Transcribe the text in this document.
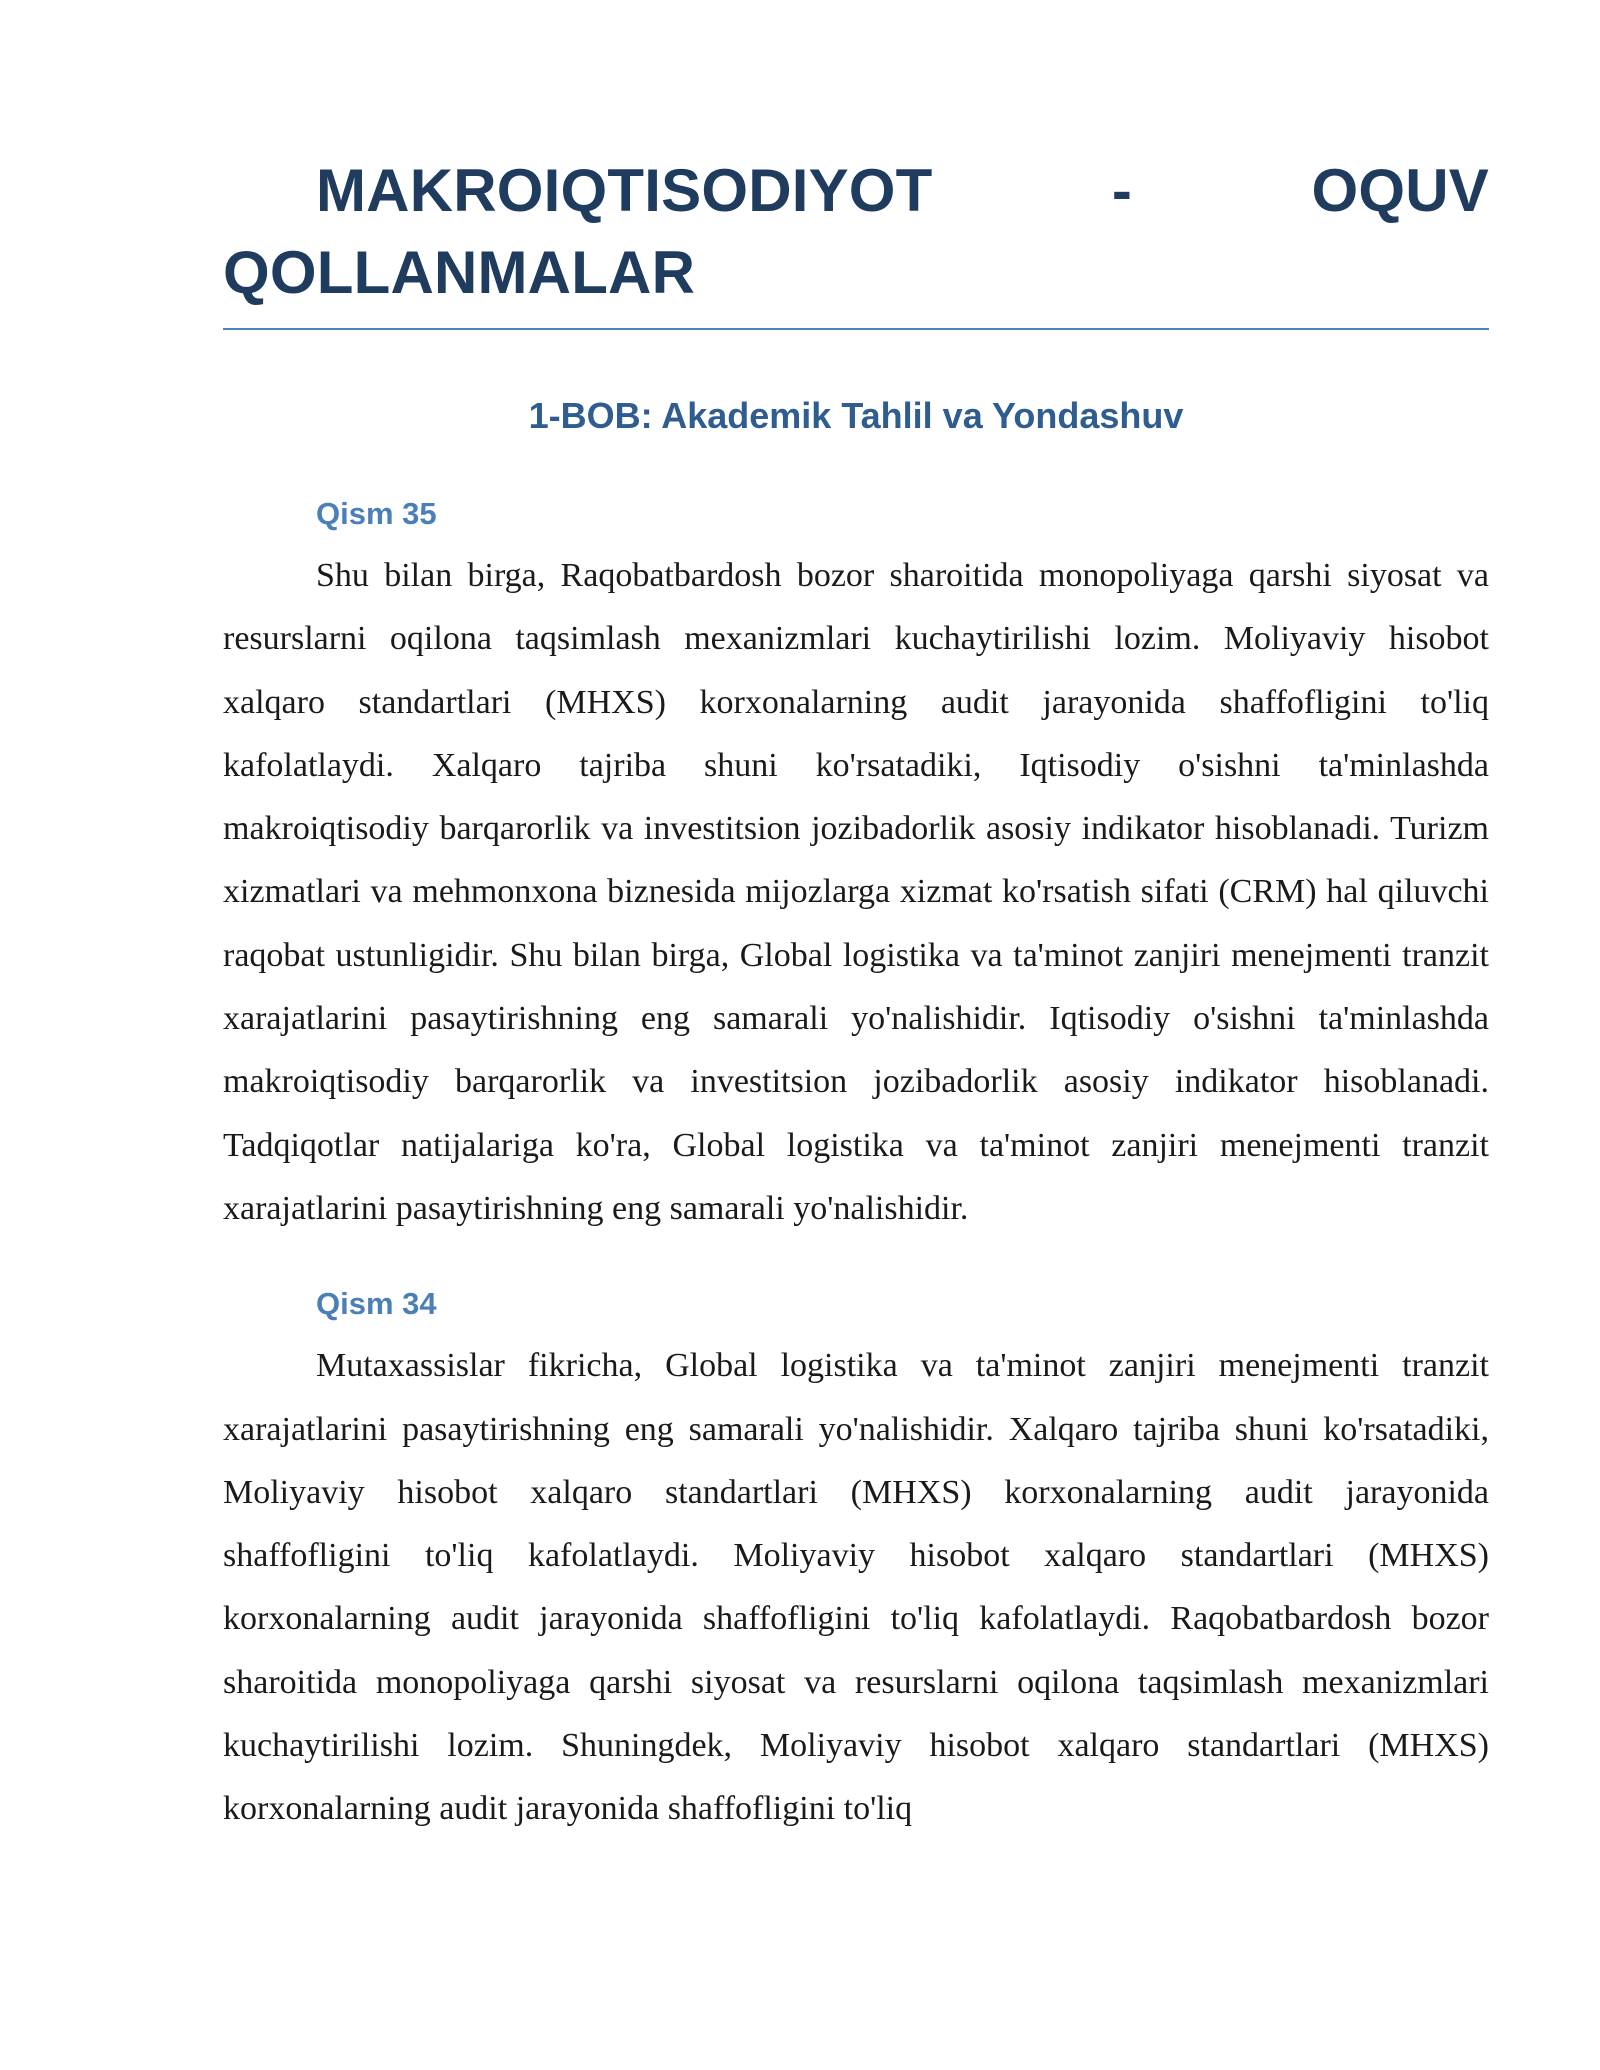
MAKROIQTISODIYOT - OQUV QOLLANMALAR
1-BOB: Akademik Tahlil va Yondashuv
Qism 35

Shu bilan birga, Raqobatbardosh bozor sharoitida monopoliyaga qarshi siyosat va resurslarni oqilona taqsimlash mexanizmlari kuchaytirilishi lozim. Moliyaviy hisobot xalqaro standartlari (MHXS) korxonalarning audit jarayonida shaffofligini to'liq kafolatlaydi. Xalqaro tajriba shuni ko'rsatadiki, Iqtisodiy o'sishni ta'minlashda makroiqtisodiy barqarorlik va investitsion jozibadorlik asosiy indikator hisoblanadi. Turizm xizmatlari va mehmonxona biznesida mijozlarga xizmat ko'rsatish sifati (CRM) hal qiluvchi raqobat ustunligidir. Shu bilan birga, Global logistika va ta'minot zanjiri menejmenti tranzit xarajatlarini pasaytirishning eng samarali yo'nalishidir. Iqtisodiy o'sishni ta'minlashda makroiqtisodiy barqarorlik va investitsion jozibadorlik asosiy indikator hisoblanadi. Tadqiqotlar natijalariga ko'ra, Global logistika va ta'minot zanjiri menejmenti tranzit xarajatlarini pasaytirishning eng samarali yo'nalishidir.

Qism 34

Mutaxassislar fikricha, Global logistika va ta'minot zanjiri menejmenti tranzit xarajatlarini pasaytirishning eng samarali yo'nalishidir. Xalqaro tajriba shuni ko'rsatadiki, Moliyaviy hisobot xalqaro standartlari (MHXS) korxonalarning audit jarayonida shaffofligini to'liq kafolatlaydi. Moliyaviy hisobot xalqaro standartlari (MHXS) korxonalarning audit jarayonida shaffofligini to'liq kafolatlaydi. Raqobatbardosh bozor sharoitida monopoliyaga qarshi siyosat va resurslarni oqilona taqsimlash mexanizmlari kuchaytirilishi lozim. Shuningdek, Moliyaviy hisobot xalqaro standartlari (MHXS) korxonalarning audit jarayonida shaffofligini to'liq
